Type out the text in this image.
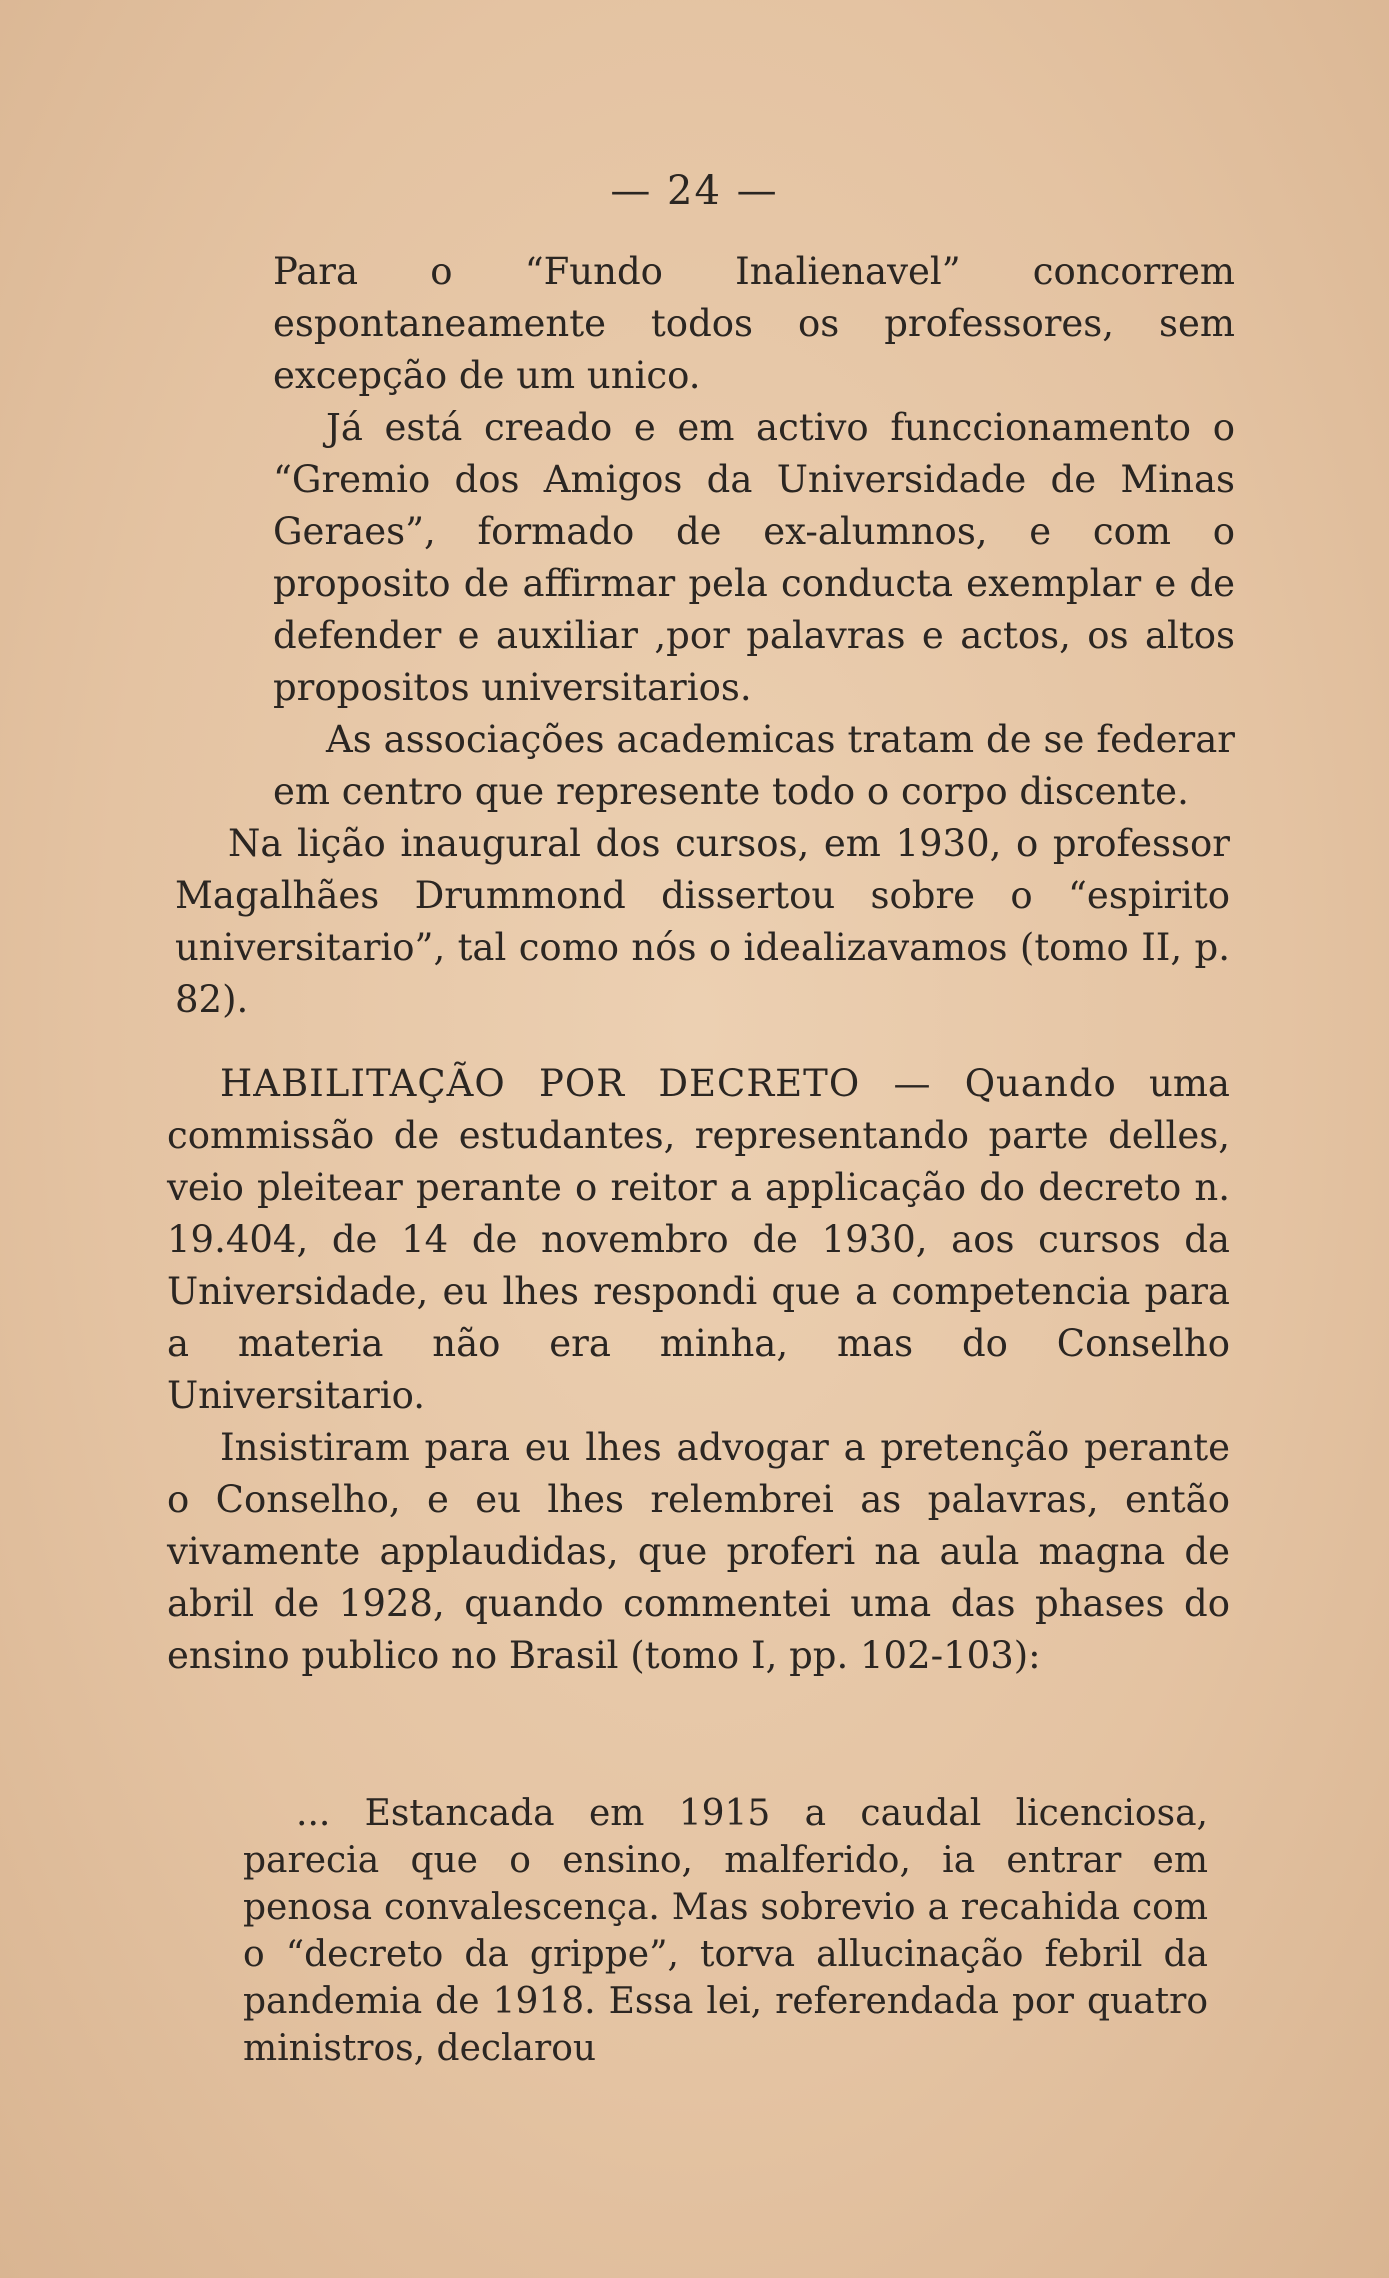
— 24 —

Para o “Fundo Inalienavel” concorrem espontaneamente todos os professores, sem excepção de um unico.

Já está creado e em activo funccionamento o “Gremio dos Amigos da Universidade de Minas Geraes”, formado de ex-alumnos, e com o proposito de affirmar pela conducta exemplar e de defender e auxiliar ,por palavras e actos, os altos propositos universitarios.

As associações academicas tratam de se federar em centro que represente todo o corpo discente.

Na lição inaugural dos cursos, em 1930, o professor Magalhães Drummond dissertou sobre o “espirito universitario”, tal como nós o idealizavamos (tomo II, p. 82).

HABILITAÇÃO POR DECRETO — Quando uma commissão de estudantes, representando parte delles, veio pleitear perante o reitor a applicação do decreto n. 19.404, de 14 de novembro de 1930, aos cursos da Universidade, eu lhes respondi que a competencia para a materia não era minha, mas do Conselho Universitario.

Insistiram para eu lhes advogar a pretenção perante o Conselho, e eu lhes relembrei as palavras, então vivamente applaudidas, que proferi na aula magna de abril de 1928, quando commentei uma das phases do ensino publico no Brasil (tomo I, pp. 102-103):

... Estancada em 1915 a caudal licenciosa, parecia que o ensino, malferido, ia entrar em penosa convalescença. Mas sobrevio a recahida com o “decreto da grippe”, torva allucinação febril da pandemia de 1918. Essa lei, referendada por quatro ministros, declarou
